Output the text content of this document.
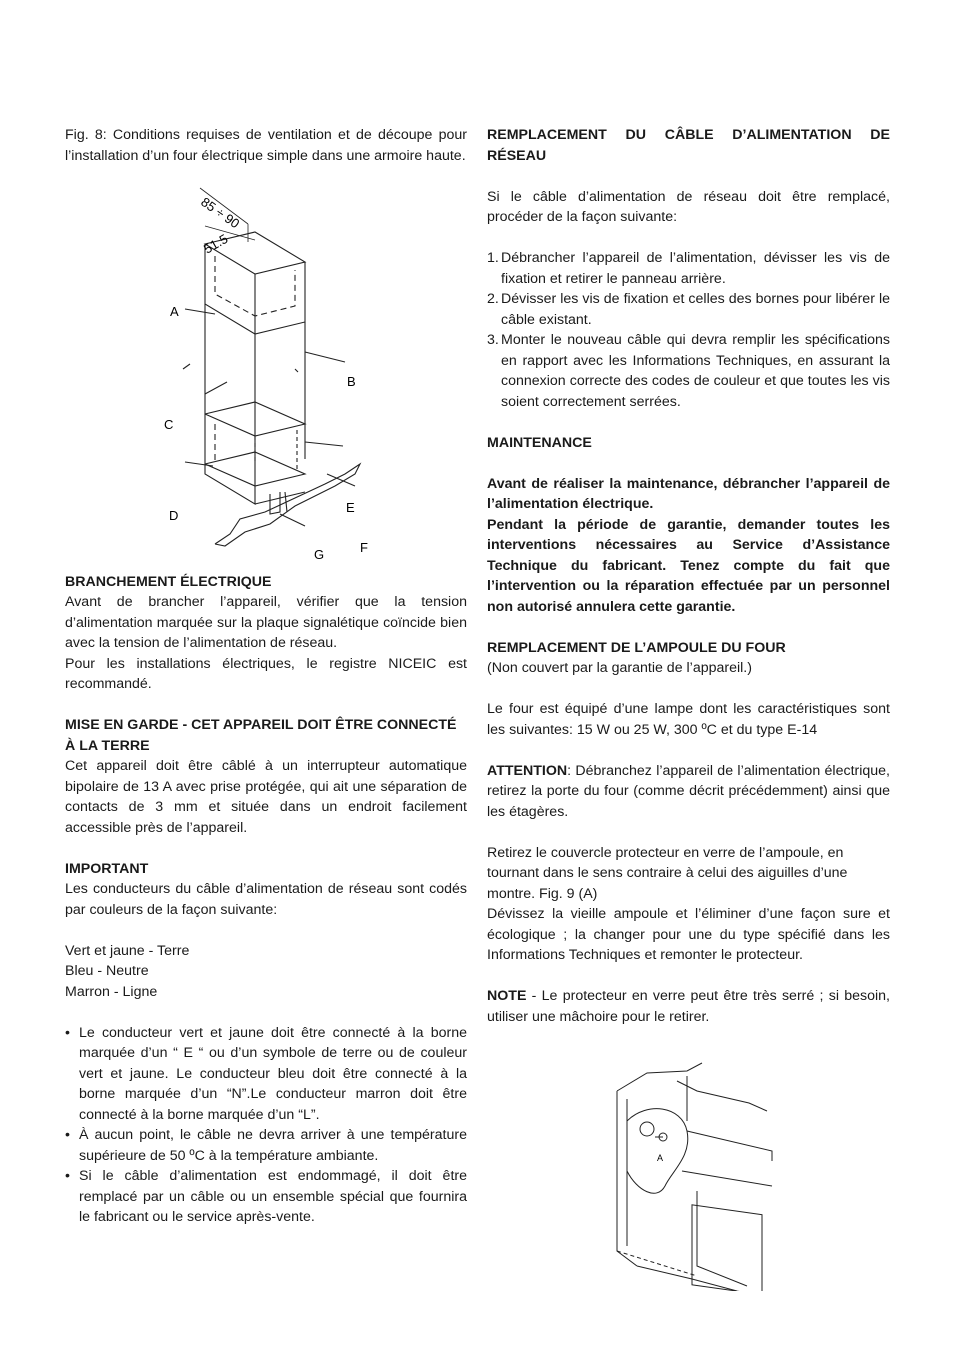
Fig. 8: Conditions requises de ventilation et de découpe pour l’installation d’un four électrique simple dans une armoire haute.

85 ÷ 90
51.5
A
B
C
D
E
F
G

BRANCHEMENT ÉLECTRIQUE

Avant de brancher l’appareil, vérifier que la tension d’alimentation marquée sur la plaque signalétique coïncide bien avec la tension de l’alimentation de réseau.

Pour les installations électriques, le registre NICEIC est recommandé.

MISE EN GARDE - CET APPAREIL DOIT ÊTRE CONNECTÉ À LA TERRE

Cet appareil doit être câblé à un interrupteur automatique bipolaire de 13 A avec prise protégée, qui ait une séparation de contacts de 3 mm et située dans un endroit facilement accessible près de l’appareil.

IMPORTANT

Les conducteurs du câble d’alimentation de réseau sont codés par couleurs de la façon suivante:

Vert et jaune - Terre

Bleu - Neutre

Marron - Ligne

• Le conducteur vert et jaune doit être connecté à la borne marquée d’un “ E “ ou d’un symbole de terre ou de couleur vert et jaune. Le conducteur bleu doit être connecté à la borne marquée d’un “N”.Le conducteur marron doit être connecté à la borne marquée d’un “L”.
• À aucun point, le câble ne devra arriver à une température supérieure de 50 ºC à la température ambiante.
• Si le câble d’alimentation est endommagé, il doit être remplacé par un câble ou un ensemble spécial que fournira le fabricant ou le service après-vente.

REMPLACEMENT DU CÂBLE D’ALIMENTATION DE RÉSEAU

Si le câble d’alimentation de réseau doit être remplacé, procéder de la façon suivante:

1. Débrancher l’appareil de l’alimentation, dévisser les vis de fixation et retirer le panneau arrière.
2. Dévisser les vis de fixation et celles des bornes pour libérer le câble existant.
3. Monter le nouveau câble qui devra remplir les spécifications en rapport avec les Informations Techniques, en assurant la connexion correcte des codes de couleur et que toutes les vis soient correctement serrées.

MAINTENANCE

Avant de réaliser la maintenance, débrancher l’appareil de l’alimentation électrique.

Pendant la période de garantie, demander toutes les interventions nécessaires au Service d’Assistance Technique du fabricant. Tenez compte du fait que l’intervention ou la réparation effectuée par un personnel non autorisé annulera cette garantie.

REMPLACEMENT DE L’AMPOULE DU FOUR

(Non couvert par la garantie de l’appareil.)

Le four est équipé d’une lampe dont les caractéristiques sont les suivantes: 15 W ou 25 W, 300 ºC et du type E-14

ATTENTION: Débranchez l’appareil de l’alimentation électrique, retirez la porte du four (comme décrit précédemment) ainsi que les étagères.

Retirez le couvercle protecteur en verre de l’ampoule, en tournant dans le sens contraire à celui des aiguilles d’une montre. Fig. 9 (A)

Dévissez la vieille ampoule et l’éliminer d’une façon sure et écologique ; la changer pour une du type spécifié dans les Informations Techniques et remonter le protecteur.

NOTE - Le protecteur en verre peut être très serré ; si besoin, utiliser une mâchoire pour le retirer.

A
